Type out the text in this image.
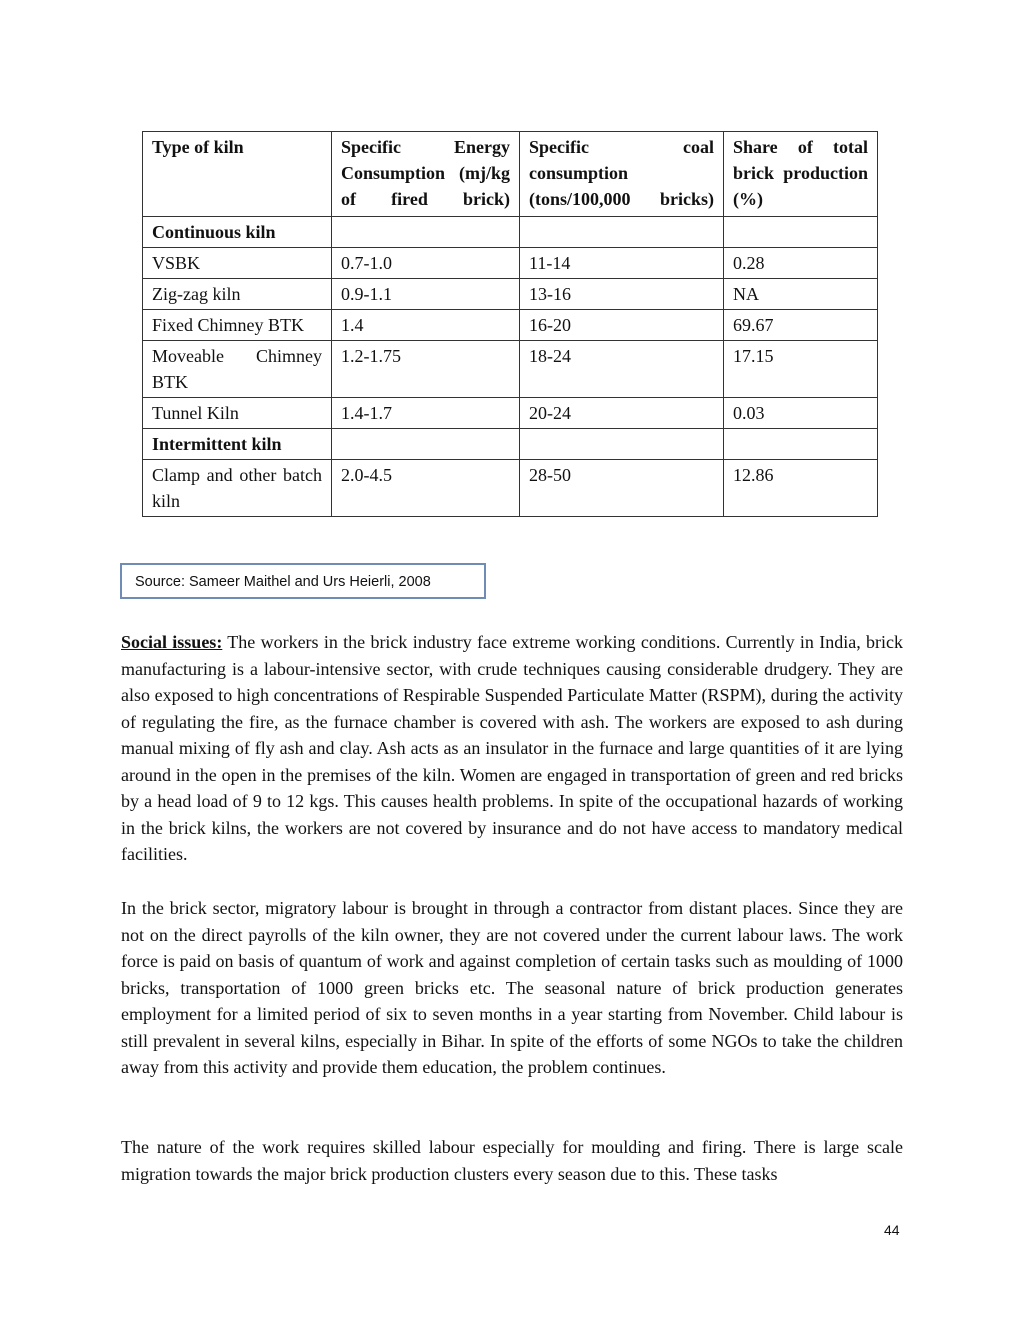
Type of kiln	Specific Energy Consumption (mj/kg of fired brick)	Specific coal consumption (tons/100,000 bricks)	Share of total brick production (%)
Continuous kiln			
VSBK	0.7-1.0	11-14	0.28
Zig-zag kiln	0.9-1.1	13-16	NA
Fixed Chimney BTK	1.4	16-20	69.67
Moveable Chimney BTK	1.2-1.75	18-24	17.15
Tunnel Kiln	1.4-1.7	20-24	0.03
Intermittent kiln			
Clamp and other batch kiln	2.0-4.5	28-50	12.86
Source: Sameer Maithel and Urs Heierli, 2008

Social issues: The workers in the brick industry face extreme working conditions. Currently in India, brick manufacturing is a labour-intensive sector, with crude techniques causing considerable drudgery. They are also exposed to high concentrations of Respirable Suspended Particulate Matter (RSPM), during the activity of regulating the fire, as the furnace chamber is covered with ash. The workers are exposed to ash during manual mixing of fly ash and clay. Ash acts as an insulator in the furnace and large quantities of it are lying around in the open in the premises of the kiln. Women are engaged in transportation of green and red bricks by a head load of 9 to 12 kgs. This causes health problems. In spite of the occupational hazards of working in the brick kilns, the workers are not covered by insurance and do not have access to mandatory medical facilities.

In the brick sector, migratory labour is brought in through a contractor from distant places. Since they are not on the direct payrolls of the kiln owner, they are not covered under the current labour laws. The work force is paid on basis of quantum of work and against completion of certain tasks such as moulding of 1000 bricks, transportation of 1000 green bricks etc. The seasonal nature of brick production generates employment for a limited period of six to seven months in a year starting from November. Child labour is still prevalent in several kilns, especially in Bihar. In spite of the efforts of some NGOs to take the children away from this activity and provide them education, the problem continues.

The nature of the work requires skilled labour especially for moulding and firing. There is large scale migration towards the major brick production clusters every season due to this. These tasks

44
